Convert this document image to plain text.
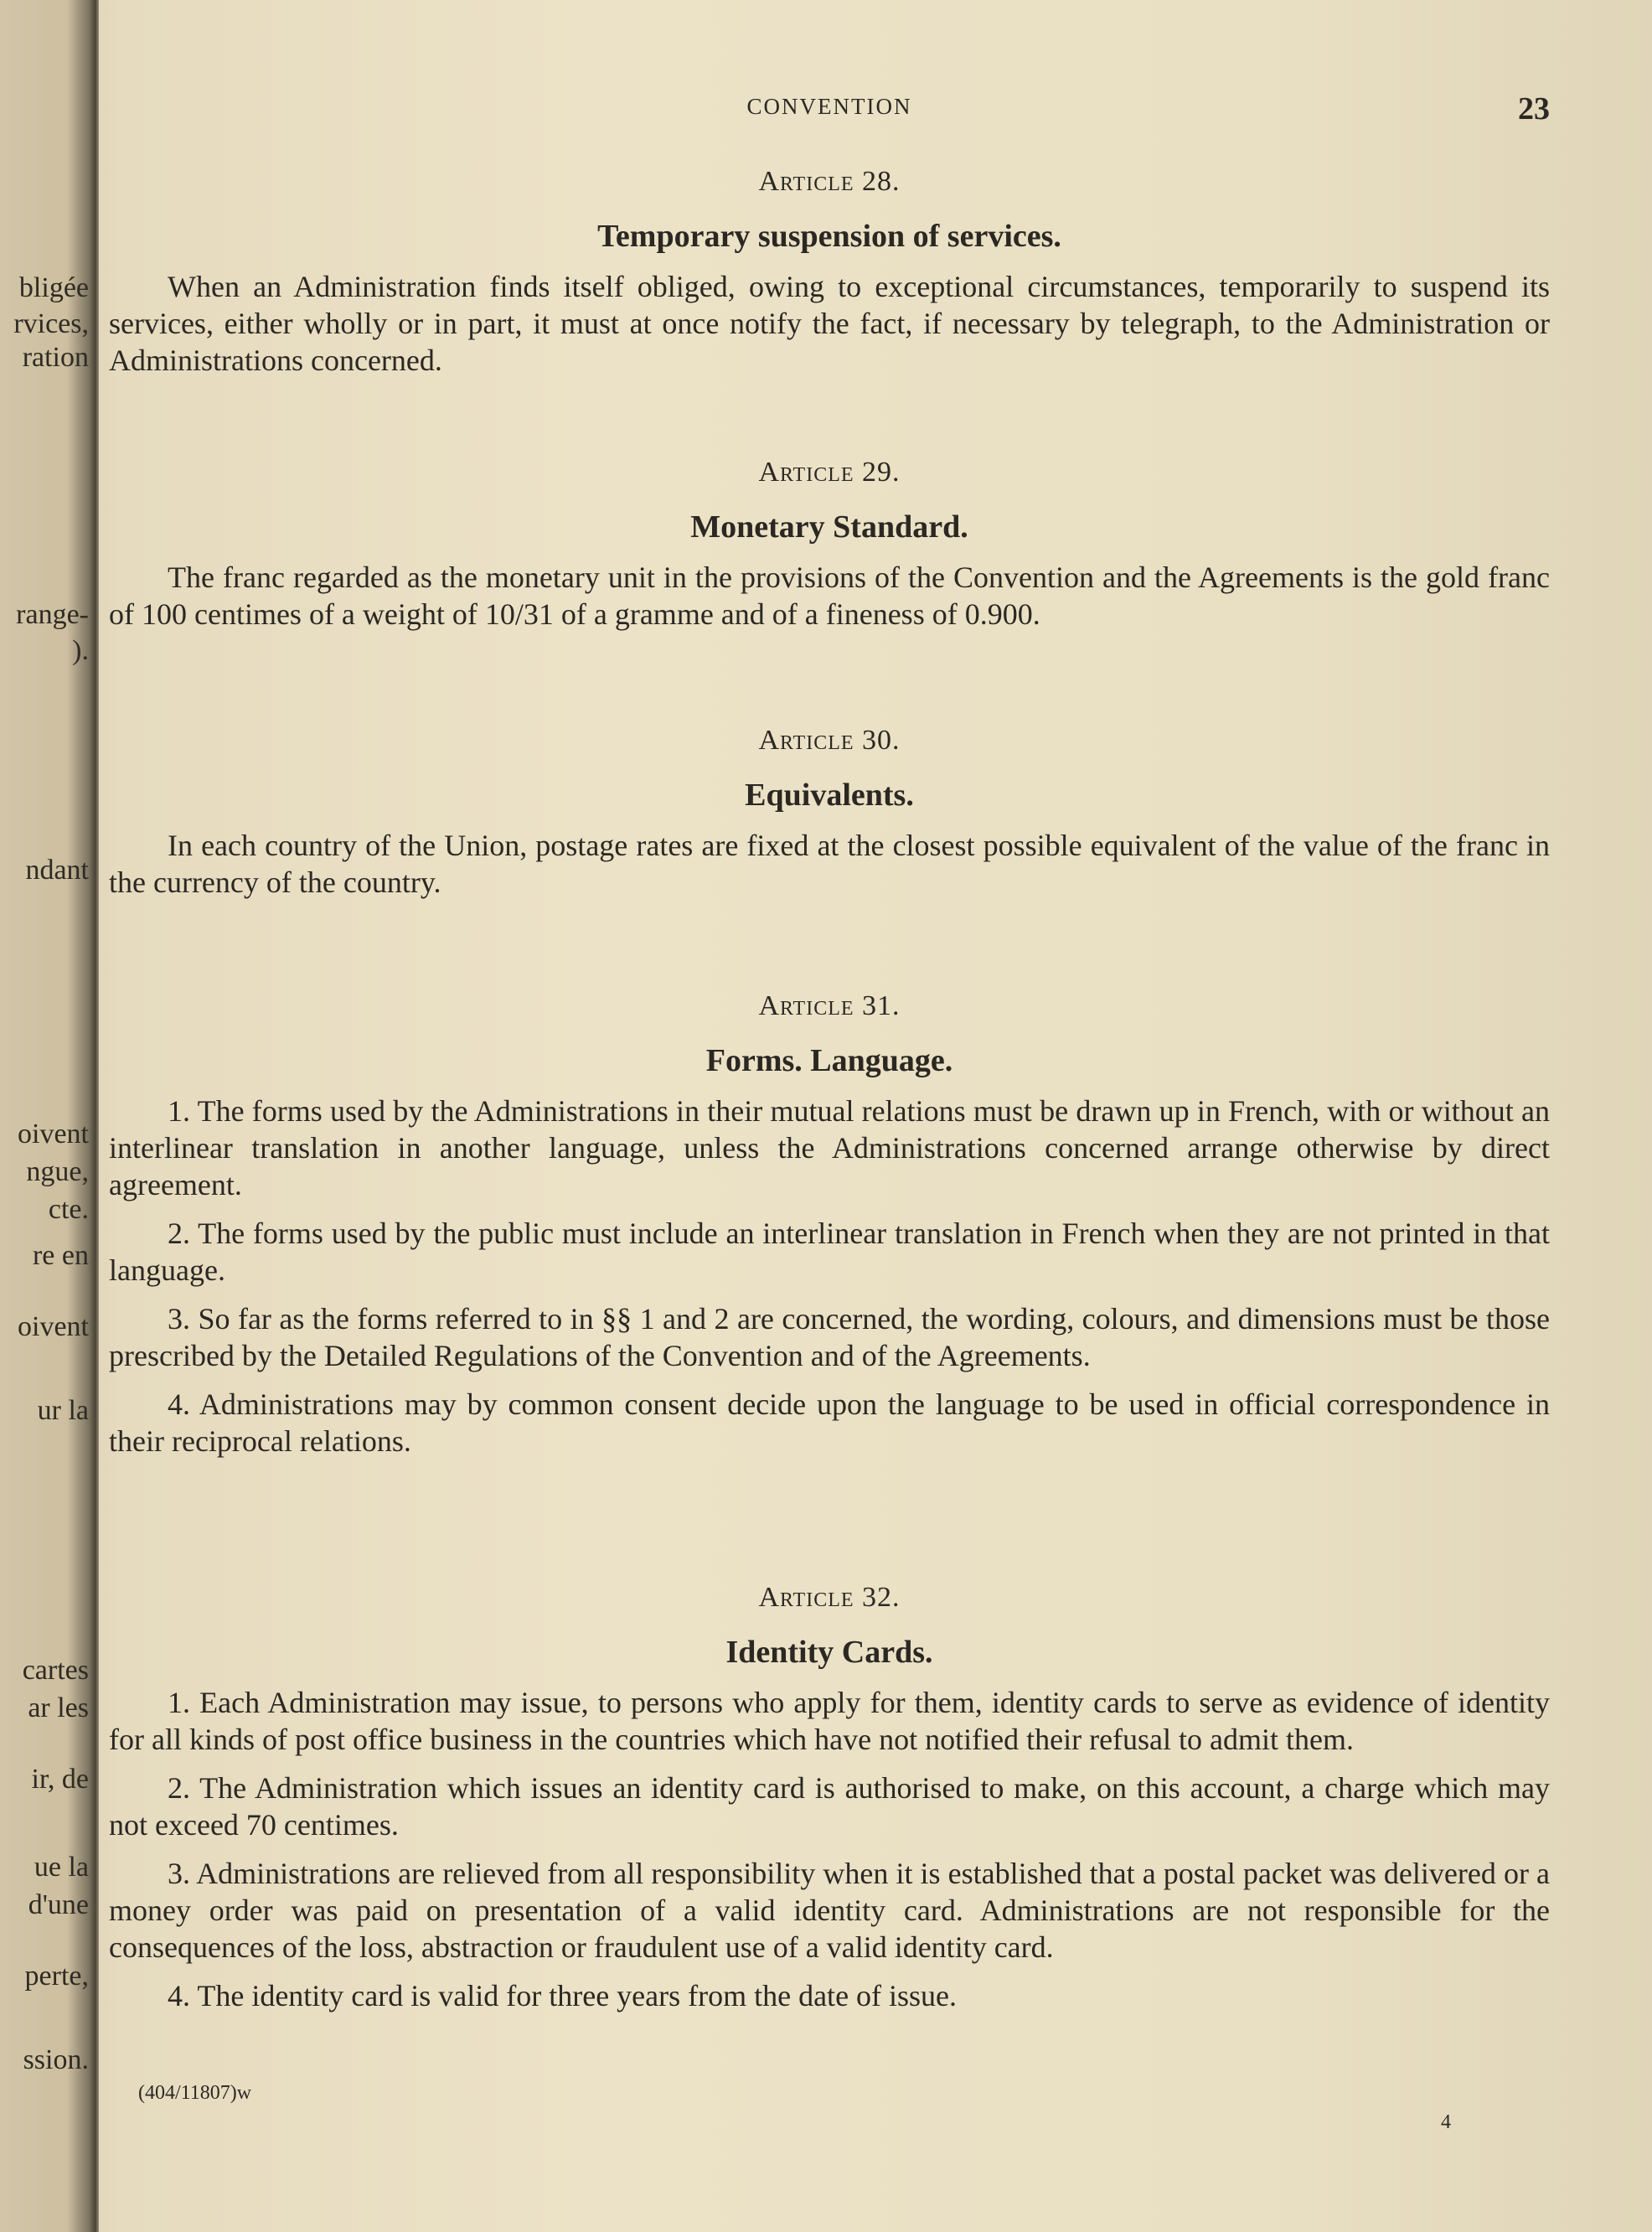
bligée
rvices,
ration
range-
).
ndant
oivent
ngue,
cte.
re en
oivent
ur la
cartes
ar les
ir, de
ue la
d'une
perte,
ssion.
CONVENTION	23
Article 28.
Temporary suspension of services.

When an Administration finds itself obliged, owing to exceptional circumstances, temporarily to suspend its services, either wholly or in part, it must at once notify the fact, if necessary by telegraph, to the Administration or Administrations concerned.

Article 29.
Monetary Standard.

The franc regarded as the monetary unit in the provisions of the Convention and the Agreements is the gold franc of 100 centimes of a weight of 10/31 of a gramme and of a fineness of 0.900.

Article 30.
Equivalents.

In each country of the Union, postage rates are fixed at the closest possible equivalent of the value of the franc in the currency of the country.

Article 31.
Forms. Language.

1. The forms used by the Administrations in their mutual relations must be drawn up in French, with or without an interlinear translation in another language, unless the Administrations concerned arrange otherwise by direct agreement.

2. The forms used by the public must include an interlinear translation in French when they are not printed in that language.

3. So far as the forms referred to in §§ 1 and 2 are concerned, the wording, colours, and dimensions must be those prescribed by the Detailed Regulations of the Convention and of the Agreements.

4. Administrations may by common consent decide upon the language to be used in official correspondence in their reciprocal relations.

Article 32.
Identity Cards.

1. Each Administration may issue, to persons who apply for them, identity cards to serve as evidence of identity for all kinds of post office business in the countries which have not notified their refusal to admit them.

2. The Administration which issues an identity card is authorised to make, on this account, a charge which may not exceed 70 centimes.

3. Administrations are relieved from all responsibility when it is established that a postal packet was delivered or a money order was paid on presentation of a valid identity card. Administrations are not responsible for the consequences of the loss, abstraction or fraudulent use of a valid identity card.

4. The identity card is valid for three years from the date of issue.

(404/11807)w
4
